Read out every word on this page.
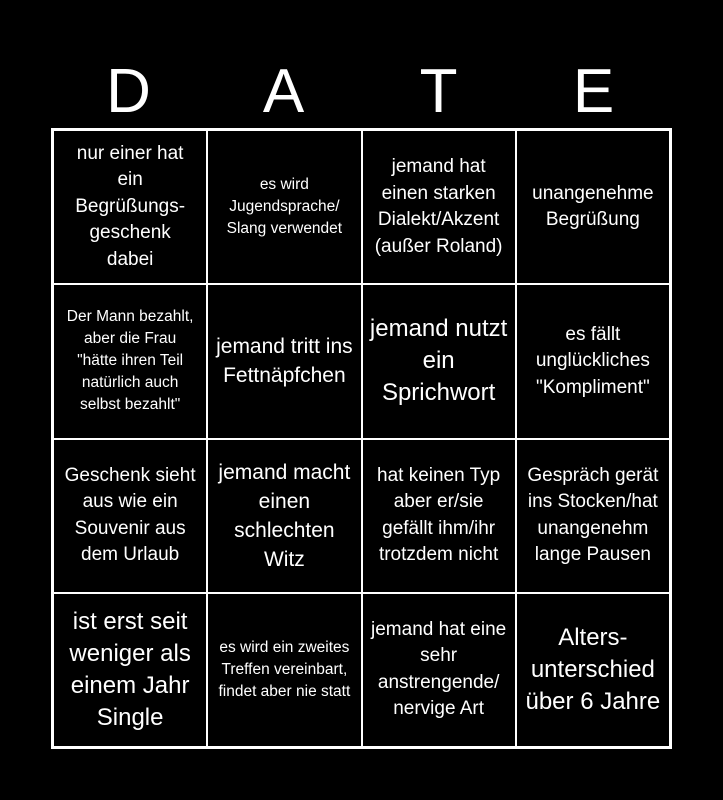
D	A	T	E
nur einer hat ein Begrüßungs-geschenk dabei
es wird Jugendsprache/ Slang verwendet
jemand hat einen starken Dialekt/Akzent (außer Roland)
unangenehme Begrüßung
Der Mann bezahlt, aber die Frau "hätte ihren Teil natürlich auch selbst bezahlt"
jemand tritt ins Fettnäpfchen
jemand nutzt ein Sprichwort
es fällt unglückliches "Kompliment"
Geschenk sieht aus wie ein Souvenir aus dem Urlaub
jemand macht einen schlechten Witz
hat keinen Typ aber er/sie gefällt ihm/ihr trotzdem nicht
Gespräch gerät ins Stocken/hat unangenehm lange Pausen
ist erst seit weniger als einem Jahr Single
es wird ein zweites Treffen vereinbart, findet aber nie statt
jemand hat eine sehr anstrengende/ nervige Art
Alters-unterschied über 6 Jahre
